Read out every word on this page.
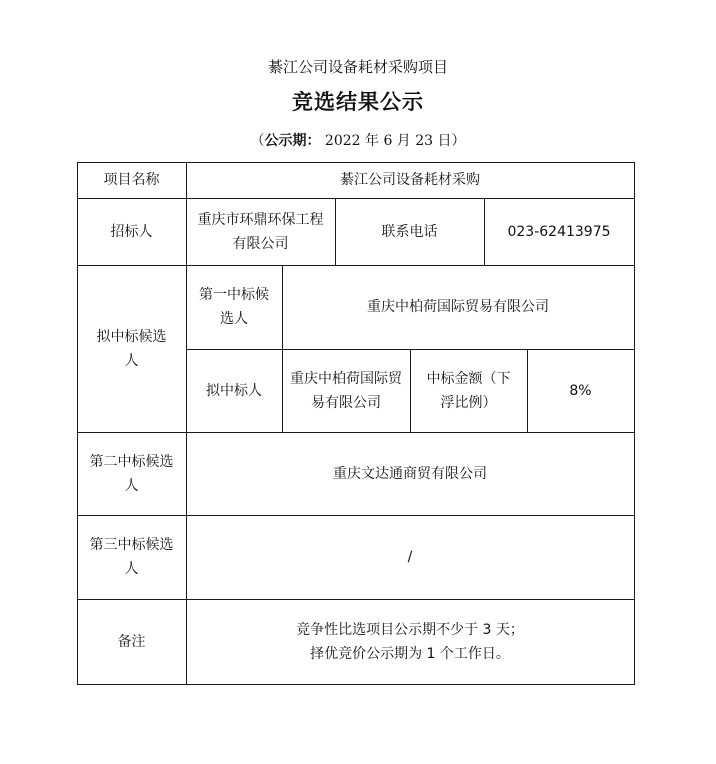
綦江公司设备耗材采购项目
竞选结果公示
（公示期： 2022 年 6 月 23 日）
项目名称	綦江公司设备耗材采购
招标人
重庆市环鼎环保工程有限公司
联系电话	023-62413975
拟中标候选人
第一中标候选人
重庆中柏荷国际贸易有限公司
拟中标人
重庆中柏荷国际贸易有限公司
中标金额（下浮比例）
8%
第二中标候选人
重庆文达通商贸有限公司
第三中标候选人
/
备注
竞争性比选项目公示期不少于 3 天；
择优竞价公示期为 1 个工作日。
